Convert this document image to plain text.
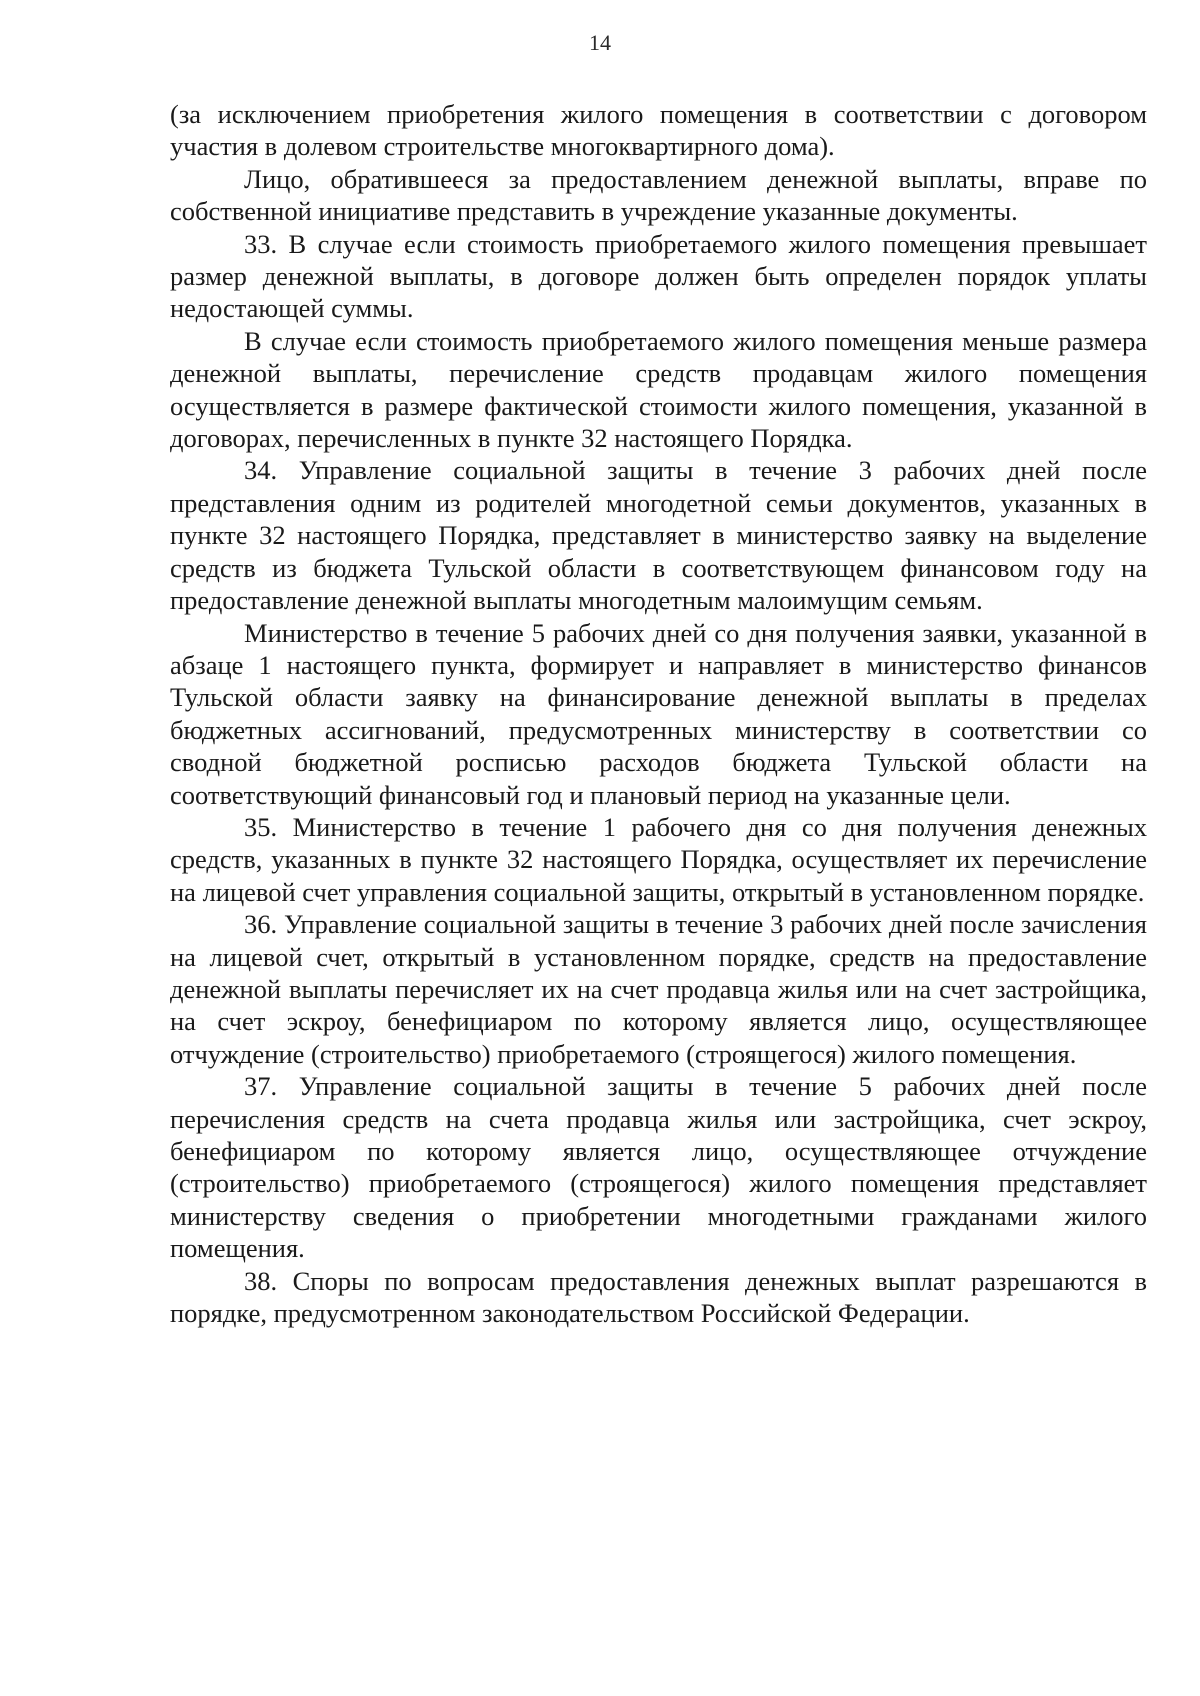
14

(за исключением приобретения жилого помещения в соответствии с договором участия в долевом строительстве многоквартирного дома).

Лицо, обратившееся за предоставлением денежной выплаты, вправе по собственной инициативе представить в учреждение указанные документы.

33. В случае если стоимость приобретаемого жилого помещения превышает размер денежной выплаты, в договоре должен быть определен порядок уплаты недостающей суммы.

В случае если стоимость приобретаемого жилого помещения меньше размера денежной выплаты, перечисление средств продавцам жилого помещения осуществляется в размере фактической стоимости жилого помещения, указанной в договорах, перечисленных в пункте 32 настоящего Порядка.

34. Управление социальной защиты в течение 3 рабочих дней после представления одним из родителей многодетной семьи документов, указанных в пункте 32 настоящего Порядка, представляет в министерство заявку на выделение средств из бюджета Тульской области в соответствующем финансовом году на предоставление денежной выплаты многодетным малоимущим семьям.

Министерство в течение 5 рабочих дней со дня получения заявки, указанной в абзаце 1 настоящего пункта, формирует и направляет в министерство финансов Тульской области заявку на финансирование денежной выплаты в пределах бюджетных ассигнований, предусмотренных министерству в соответствии со сводной бюджетной росписью расходов бюджета Тульской области на соответствующий финансовый год и плановый период на указанные цели.

35. Министерство в течение 1 рабочего дня со дня получения денежных средств, указанных в пункте 32 настоящего Порядка, осуществляет их перечисление на лицевой счет управления социальной защиты, открытый в установленном порядке.

36. Управление социальной защиты в течение 3 рабочих дней после зачисления на лицевой счет, открытый в установленном порядке, средств на предоставление денежной выплаты перечисляет их на счет продавца жилья или на счет застройщика, на счет эскроу, бенефициаром по которому является лицо, осуществляющее отчуждение (строительство) приобретаемого (строящегося) жилого помещения.

37. Управление социальной защиты в течение 5 рабочих дней после перечисления средств на счета продавца жилья или застройщика, счет эскроу, бенефициаром по которому является лицо, осуществляющее отчуждение (строительство) приобретаемого (строящегося) жилого помещения представляет министерству сведения о приобретении многодетными гражданами жилого помещения.

38. Споры по вопросам предоставления денежных выплат разрешаются в порядке, предусмотренном законодательством Российской Федерации.
